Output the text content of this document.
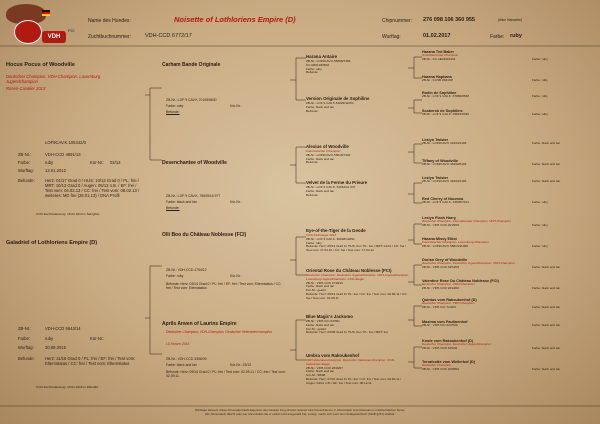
VDH
FCI
Name des Hundes:	Noisette of Lothloriens Empire (D)
Zuchtbuchnummer:	VDH-CCD 6772/17
Chipnummer: 276 098 106 360 955	(linke Halsseite)
Wurftag:	01.02.2017	Farbe: ruby
Hocus Pocus of Woodville
Deutscher Champion, VDH-Champion, Luxemburg Jugendchampion
Rosen-Cavalier 2013
LOF9CAV.K.105342/0
ZB-Nr.:	VDH-CCD 4891/13
Farbe:	ruby	Kör-Nr.: 02/13
Wurftag:	13.01.2012
Befunde: Herz: 01/17 Grad 0 / HUS: 10/13 Grad 0 / PL: frei / MRT: 10/13 Grad 0 / Augen: 05/13 o.B. / EF: frei / Test vom: 04.02.13 / CC: frei / Test vom: 08.02.13 / weiteres: MD frei (28.01.13) / DNA Profil
CCD-Zuchtzulassung: 15.02.2013 in Salzgitter
Galadriel of Lothloriens Empire (D)
ZB-Nr.:	VDH-CCD 5643/14
Farbe:	ruby	Kör-Nr.:
Wurftag:	30.08.2015
Befunde: Herz: 11/16 Grad 0 / PL: frei / EF: frei / Test vom: Elternstatus / CC: frei / Test vom: Elternstatus
CCD-Zuchtzulassung: 19.01.2016 in Wandlitz
Carham Bande Originale
ZB-Nr.: LOF 9 CAV.K.70108/5630
Farbe: ruby	Kör-Nr.:
Befunde:
Desenchantee of Woodville
ZB-Nr.: LOF 9 CAV.K. 76505/16 977
Farbe: black and tan	Kör-Nr.:
Befunde:
Olli Boo du Château Noblesse (FCI)
ZB-Nr.: VDH-CCD 4754/12
Farbe: ruby	Kör-Nr.:
Befunde: Herz: 03/14 Grad 0 / PL: frei / EF: frei / Test vom: Elternstatus / CC: frei / Test vom: Elternstatus
Aprils Arwen of Laurins Empire
Deutscher Champion, VDH-Champion, Deutscher Veteranenchampion
LS Rosen 2016
ZB-Nr.: VDH-CCD 3356/09
Farbe: black and tan	Kör-Nr.: 23/10
Befunde: Herz: 09/14 Grad 0 / PL: frei / Test vom: 02.09.11 / CC: frei / Test vom: 02.09.11
Harana Antaire
ZB-Nr.: LOF9CAV.K.56698/7489
KC AR01933502
Farbe: ruby
Befunde:
Version Originale de Sophiline
ZB-Nr.: LOF 9 CAV.K.51029/11054
Farbe: black and tan
Befunde:
Alexius of Woodville
Französischer Champion
ZB-Nr.: LOF9CAV.K.58018/7440
Farbe: black and tan
Befunde:
Velvet de la Ferme du Prieure
ZB-Nr.: LOF 9 CAV.K. 51063/11 347
Farbe: black and tan
Befunde:
Eye-of-the-Tiger de la Geode
CCD-Clubsieger 2013
ZB-Nr.: LOF 9 CAV.K. 66098/12891
Farbe: ruby
Befunde: Herz: 05/12 Grad 0 / HUS: frei / PL: frei / MRT: 01/11 / CC: frei / Test vom: 17.04.12 / CC: frei / Test vom: 17.04.12
Oriental Rose du Château Noblesse (FCI)
Deutscher Champion, Deutscher Jugendchampion, VDH-Jugendchampion, Luxemburg Jugendchampion, CCD-Sieger
ZB-Nr.: VDH-CCD 3748/10
Farbe: black and tan
Kör-Nr.: gekört
Befunde: Herz: 05/14 Grad 0 / PL: frei / CC: frei / Test vom: 02.06.11 / CC: frei / Test vom: 02.06.11
Blue Magic's Jackomo
ZB-Nr.: VDH-ICC 03/361
Farbe: black and tan
Kör-Nr.: gekört
Befunde: Herz: 05/08 Grad 0 / HUS: frei / PL: frei / MRT: frei
Umbra vom Rakoukenhof
VDH-Veteranenchampion, Deutscher Veteranenchampion, CCD-Veteranen-Sieger
ZB-Nr.: VDH-CCD 2849/07
Farbe: black and tan
Kör-Nr.: 58/08
Befunde: Herz: 07/10 Grad 0 / PL: frei / CC: frei / Test vom: 02.06.11 / Augen: 04/11 o.B. / EF: frei / Test vom: 08.12.11
Harana Ted Baker
Amerikanischer Champion
ZB-Nr.: KC AE01901901	Farbe: ruby
Harana Haphans
ZB-Nr.: KCSB 2664CP	Farbe: ruby
Rodin de Sophiline
ZB-Nr.: LOF 9 CAV.K. 37889/8538	Farbe: ruby
Scaberok de Sophiline
ZB-Nr.: LOF 9 CAV.K. 35822/6096	Farbe: ruby
Leslyn Twister
ZB-Nr.: LOF9CAV.K.42434/4196	Farbe: black and tan
Tiffany of Woodville
ZB-Nr.: LOF9CAV.K.46434/6196	Farbe: black and tan
Leslyn Twister
ZB-Nr.: LOF9CAV.K.42434/4196	Farbe: black and tan
Red Cherry of Noumea
ZB-Nr.: LOF 9 CAV.K. 33905/7421	Farbe: ruby
Leslyn Flash Harry
Deutscher Champion, Internationaler Champion, VDH-Champion
ZB-Nr.: VDH-CCD 2015/05	Farbe: ruby
Harana Missy Elliot
Französischer Champion, Luxemburg Champion
ZB-Nr.: LOF9CAV.K.58813/11096	Farbe: ruby
Dorian Grey of Woodville
Deutscher Champion, Deutscher Jugendchampion, VDH-Champion
ZB-Nr.: VDH-CCD 3454/09	Farbe: black and tan
Valentine Rose Du Château Noblesse (FCI)
Deutscher Champion, VDH-Champion
ZB-Nr.: VDH-CCD 2644/06	Farbe: black and tan
Quintus vom Rakoukenhof (D)
Deutscher Champion, VDH-Champion
ZB-Nr.: VDH-ICC 723/03	Farbe: black and tan
Maxima vom Paulinenhof
ZB-Nr.: VDH-ICC 02/0769	Farbe: black and tan
Knute vom Rakoukenhof (D)
Deutscher Champion, Deutscher Jugendchampion
ZB-Nr.: VDH-CCD 625/02	Farbe: black and tan
Terrafcotte vom Wellerhof (D)
Deutscher Champion
ZB-Nr.: VDH-CCD 1068/02	Farbe: black and tan
Wichtiger Hinweis: Diese Ahnentafel bleibt Eigentum des Cavalier King Charles Spaniel Club Deutschland e.V. Ahnentafeln sind Urkunden im strafrechtlichen Sinne.
Wer Ahnentafeln fälscht oder wer Ahnentafeln die er selbst nicht ausgestellt hat, vorlegt, macht sich nach dem Strafgesetzbuch (StGB §267) strafbar.
